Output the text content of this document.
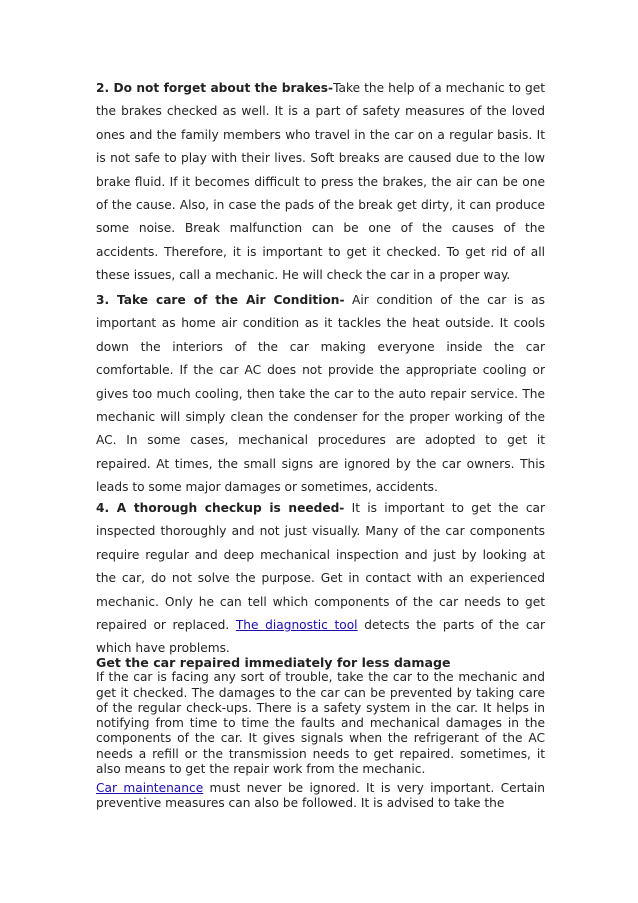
2. Do not forget about the brakes-Take the help of a mechanic to get the brakes checked as well. It is a part of safety measures of the loved ones and the family members who travel in the car on a regular basis. It is not safe to play with their lives. Soft breaks are caused due to the low brake fluid. If it becomes difficult to press the brakes, the air can be one of the cause. Also, in case the pads of the break get dirty, it can produce some noise. Break malfunction can be one of the causes of the accidents. Therefore, it is important to get it checked. To get rid of all these issues, call a mechanic. He will check the car in a proper way.

3. Take care of the Air Condition- Air condition of the car is as important as home air condition as it tackles the heat outside. It cools down the interiors of the car making everyone inside the car comfortable. If the car AC does not provide the appropriate cooling or gives too much cooling, then take the car to the auto repair service. The mechanic will simply clean the condenser for the proper working of the AC. In some cases, mechanical procedures are adopted to get it repaired. At times, the small signs are ignored by the car owners. This leads to some major damages or sometimes, accidents.

4. A thorough checkup is needed- It is important to get the car inspected thoroughly and not just visually. Many of the car components require regular and deep mechanical inspection and just by looking at the car, do not solve the purpose. Get in contact with an experienced mechanic. Only he can tell which components of the car needs to get repaired or replaced. The diagnostic tool detects the parts of the car which have problems.

Get the car repaired immediately for less damage
If the car is facing any sort of trouble, take the car to the mechanic and get it checked. The damages to the car can be prevented by taking care of the regular check-ups. There is a safety system in the car. It helps in notifying from time to time the faults and mechanical damages in the components of the car. It gives signals when the refrigerant of the AC needs a refill or the transmission needs to get repaired. sometimes, it also means to get the repair work from the mechanic.

Car maintenance must never be ignored. It is very important. Certain preventive measures can also be followed. It is advised to take the
